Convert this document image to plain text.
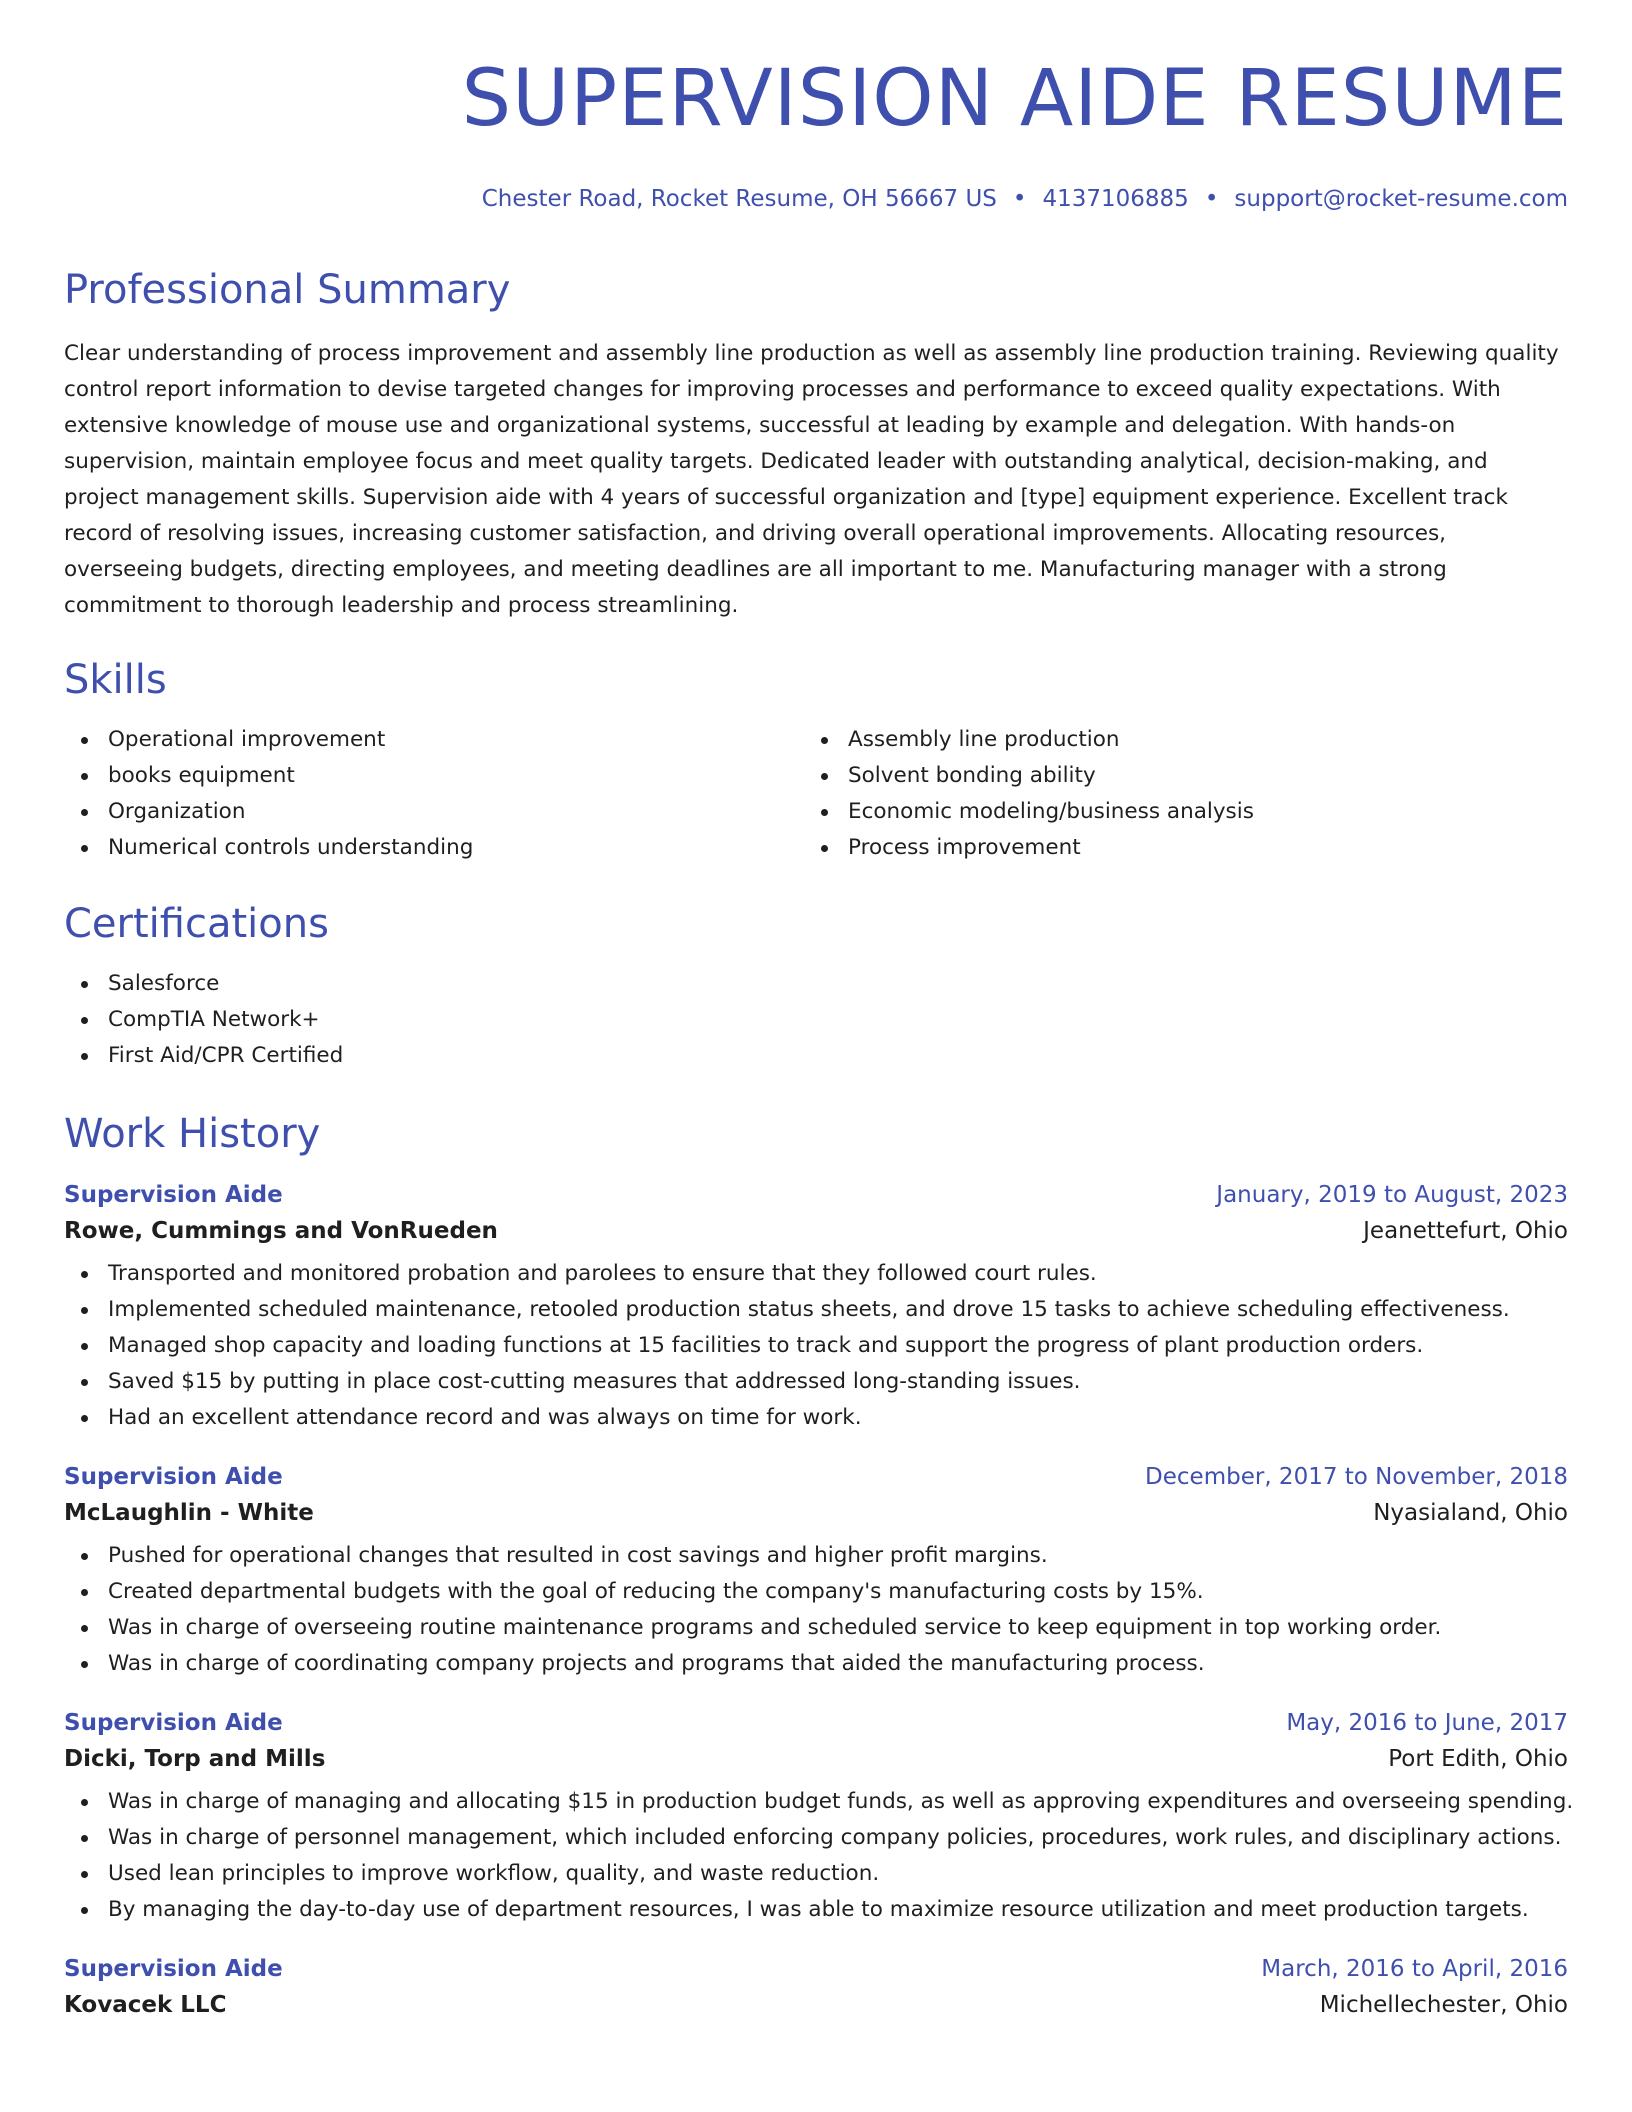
SUPERVISION AIDE RESUME
Chester Road, Rocket Resume, OH 56667 US • 4137106885 • support@rocket-resume.com
Professional Summary
Clear understanding of process improvement and assembly line production as well as assembly line production training. Reviewing quality control report information to devise targeted changes for improving processes and performance to exceed quality expectations. With extensive knowledge of mouse use and organizational systems, successful at leading by example and delegation. With hands-on supervision, maintain employee focus and meet quality targets. Dedicated leader with outstanding analytical, decision-making, and project management skills. Supervision aide with 4 years of successful organization and [type] equipment experience. Excellent track record of resolving issues, increasing customer satisfaction, and driving overall operational improvements. Allocating resources, overseeing budgets, directing employees, and meeting deadlines are all important to me. Manufacturing manager with a strong commitment to thorough leadership and process streamlining.
Skills
Operational improvement
books equipment
Organization
Numerical controls understanding
Assembly line production
Solvent bonding ability
Economic modeling/business analysis
Process improvement
Certifications
Salesforce
CompTIA Network+
First Aid/CPR Certified
Work History
Supervision Aide	January, 2019 to August, 2023
Rowe, Cummings and VonRueden	Jeanettefurt, Ohio
Transported and monitored probation and parolees to ensure that they followed court rules.
Implemented scheduled maintenance, retooled production status sheets, and drove 15 tasks to achieve scheduling effectiveness.
Managed shop capacity and loading functions at 15 facilities to track and support the progress of plant production orders.
Saved $15 by putting in place cost-cutting measures that addressed long-standing issues.
Had an excellent attendance record and was always on time for work.
Supervision Aide	December, 2017 to November, 2018
McLaughlin - White	Nyasialand, Ohio
Pushed for operational changes that resulted in cost savings and higher profit margins.
Created departmental budgets with the goal of reducing the company's manufacturing costs by 15%.
Was in charge of overseeing routine maintenance programs and scheduled service to keep equipment in top working order.
Was in charge of coordinating company projects and programs that aided the manufacturing process.
Supervision Aide	May, 2016 to June, 2017
Dicki, Torp and Mills	Port Edith, Ohio
Was in charge of managing and allocating $15 in production budget funds, as well as approving expenditures and overseeing spending.
Was in charge of personnel management, which included enforcing company policies, procedures, work rules, and disciplinary actions.
Used lean principles to improve workflow, quality, and waste reduction.
By managing the day-to-day use of department resources, I was able to maximize resource utilization and meet production targets.
Supervision Aide	March, 2016 to April, 2016
Kovacek LLC	Michellechester, Ohio
